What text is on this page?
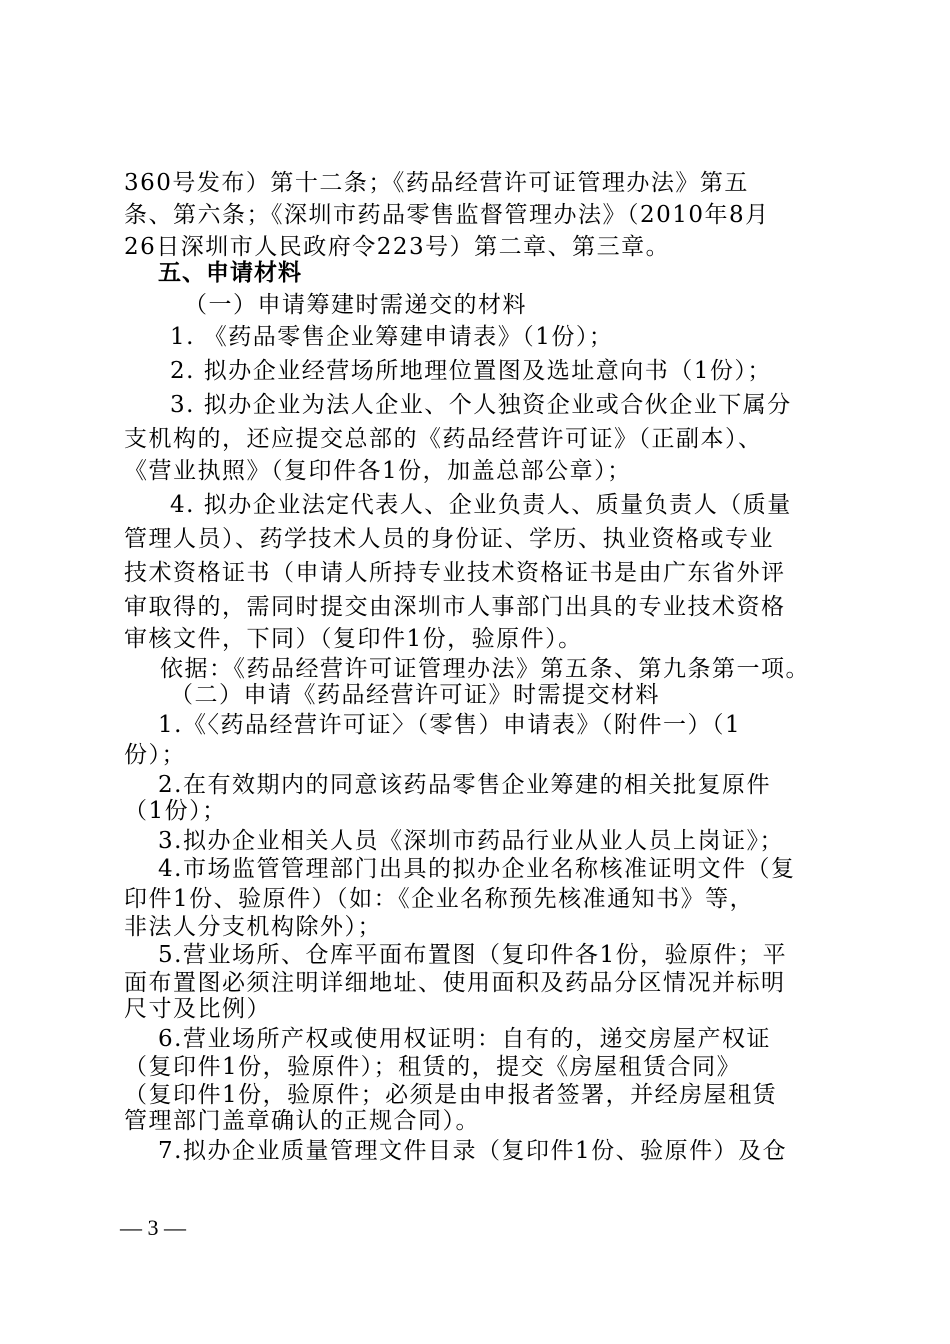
360号发布）第十二条；《药品经营许可证管理办法》第五
条、第六条；《深圳市药品零售监督管理办法》（2010年8月
26日深圳市人民政府令223号）第二章、第三章。
五、申请材料
（一）申请筹建时需递交的材料
1. 《药品零售企业筹建申请表》（1份）；
2. 拟办企业经营场所地理位置图及选址意向书（1份）；
3. 拟办企业为法人企业、个人独资企业或合伙企业下属分
支机构的，还应提交总部的《药品经营许可证》（正副本）、
《营业执照》（复印件各1份，加盖总部公章）；
4. 拟办企业法定代表人、企业负责人、质量负责人（质量
管理人员）、药学技术人员的身份证、学历、执业资格或专业
技术资格证书（申请人所持专业技术资格证书是由广东省外评
审取得的，需同时提交由深圳市人事部门出具的专业技术资格
审核文件，下同）（复印件1份，验原件）。
依据：《药品经营许可证管理办法》第五条、第九条第一项。
（二）申请《药品经营许可证》时需提交材料
1.《〈药品经营许可证〉（零售）申请表》（附件一）（1
份）；
2.在有效期内的同意该药品零售企业筹建的相关批复原件
（1份）；
3.拟办企业相关人员《深圳市药品行业从业人员上岗证》；
4.市场监管管理部门出具的拟办企业名称核准证明文件（复
印件1份、验原件）（如：《企业名称预先核准通知书》等，
非法人分支机构除外）；
5.营业场所、仓库平面布置图（复印件各1份，验原件；平
面布置图必须注明详细地址、使用面积及药品分区情况并标明
尺寸及比例）
6.营业场所产权或使用权证明：自有的，递交房屋产权证
（复印件1份，验原件）；租赁的，提交《房屋租赁合同》
（复印件1份，验原件；必须是由申报者签署，并经房屋租赁
管理部门盖章确认的正规合同）。
7.拟办企业质量管理文件目录（复印件1份、验原件）及仓
— 3 —
